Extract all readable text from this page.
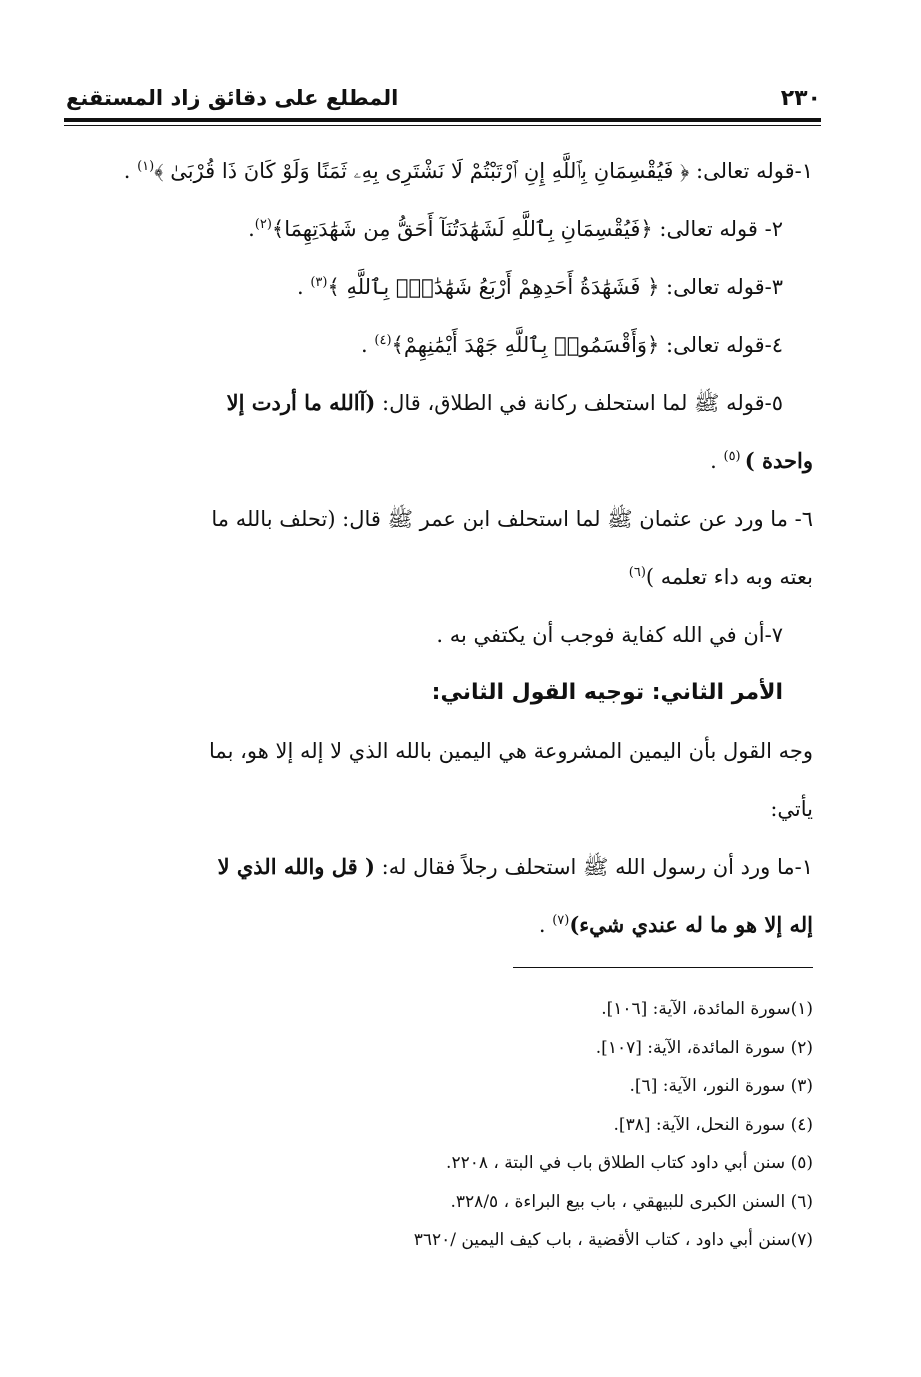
٢٣٠
المطلع على دقائق زاد المستقنع
١-قوله تعالى: ﴿ فَيُقْسِمَانِ بِٱللَّهِ إِنِ ٱرْتَبْتُمْ لَا نَشْتَرِى بِهِۦ ثَمَنًا وَلَوْ كَانَ ذَا قُرْبَىٰ ﴾$^{(١)}$ .
٢- قوله تعالى: ﴿فَيُقْسِمَانِ بِٱللَّهِ لَشَهَٰدَتُنَآ أَحَقُّ مِن شَهَٰدَتِهِمَا﴾$^{(٢)}$.
٣-قوله تعالى: ﴿ فَشَهَٰدَةُ أَحَدِهِمْ أَرْبَعُ شَهَٰدَٰتٍۭ بِٱللَّهِ ﴾$^{(٣)}$ .
٤-قوله تعالى: ﴿وَأَقْسَمُوا۟ بِٱللَّهِ جَهْدَ أَيْمَٰنِهِمْ﴾$^{(٤)}$ .
٥-قوله ﷺ لما استحلف ركانة في الطلاق، قال: (آالله ما أردت إلا
واحدة ) $^{(٥)}$ .
٦- ما ورد عن عثمان ﷺ لما استحلف ابن عمر ﷺ قال: (تحلف بالله ما
بعته وبه داء تعلمه )$^{(٦)}$
٧-أن في الله كفاية فوجب أن يكتفي به .
الأمر الثاني: توجيه القول الثاني:
وجه القول بأن اليمين المشروعة هي اليمين بالله الذي لا إله إلا هو، بما
يأتي:
١-ما ورد أن رسول الله ﷺ استحلف رجلاً فقال له: ( قل والله الذي لا
إله إلا هو ما له عندي شيء)$^{(٧)}$ .
(١)سورة المائدة، الآية: [١٠٦].
(٢) سورة المائدة، الآية: [١٠٧].
(٣) سورة النور، الآية: [٦].
(٤) سورة النحل، الآية: [٣٨].
(٥) سنن أبي داود كتاب الطلاق باب في البتة ، ٢٢٠٨.
(٦) السنن الكبرى للبيهقي ، باب بيع البراءة ، ٣٢٨/٥.
(٧)سنن أبي داود ، كتاب الأقضية ، باب كيف اليمين /٣٦٢٠
